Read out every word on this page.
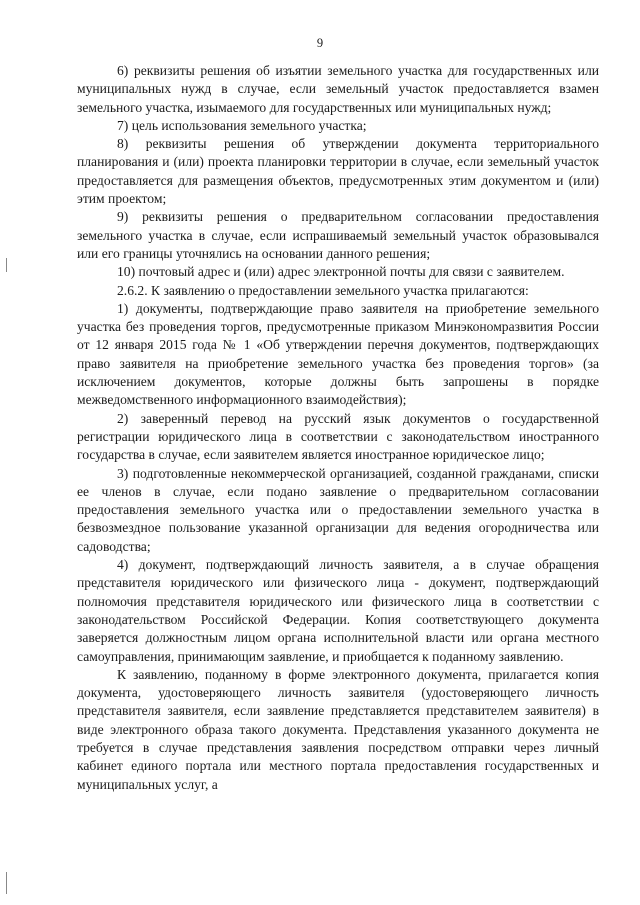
9

6) реквизиты решения об изъятии земельного участка для государственных или муниципальных нужд в случае, если земельный участок предоставляется взамен земельного участка, изымаемого для государственных или муниципальных нужд;

7) цель использования земельного участка;

8) реквизиты решения об утверждении документа территориального планирования и (или) проекта планировки территории в случае, если земельный участок предоставляется для размещения объектов, предусмотренных этим документом и (или) этим проектом;

9) реквизиты решения о предварительном согласовании предоставления земельного участка в случае, если испрашиваемый земельный участок образовывался или его границы уточнялись на основании данного решения;

10) почтовый адрес и (или) адрес электронной почты для связи с заявителем.

2.6.2. К заявлению о предоставлении земельного участка прилагаются:

1) документы, подтверждающие право заявителя на приобретение земельного участка без проведения торгов, предусмотренные приказом Минэкономразвития России от 12 января 2015 года № 1 «Об утверждении перечня документов, подтверждающих право заявителя на приобретение земельного участка без проведения торгов» (за исключением документов, которые должны быть запрошены в порядке межведомственного информационного взаимодействия);

2) заверенный перевод на русский язык документов о государственной регистрации юридического лица в соответствии с законодательством иностранного государства в случае, если заявителем является иностранное юридическое лицо;

3) подготовленные некоммерческой организацией, созданной гражданами, списки ее членов в случае, если подано заявление о предварительном согласовании предоставления земельного участка или о предоставлении земельного участка в безвозмездное пользование указанной организации для ведения огородничества или садоводства;

4) документ, подтверждающий личность заявителя, а в случае обращения представителя юридического или физического лица - документ, подтверждающий полномочия представителя юридического или физического лица в соответствии с законодательством Российской Федерации. Копия соответствующего документа заверяется должностным лицом органа исполнительной власти или органа местного самоуправления, принимающим заявление, и приобщается к поданному заявлению.

К заявлению, поданному в форме электронного документа, прилагается копия документа, удостоверяющего личность заявителя (удостоверяющего личность представителя заявителя, если заявление представляется представителем заявителя) в виде электронного образа такого документа. Представления указанного документа не требуется в случае представления заявления посредством отправки через личный кабинет единого портала или местного портала предоставления государственных и муниципальных услуг, а
